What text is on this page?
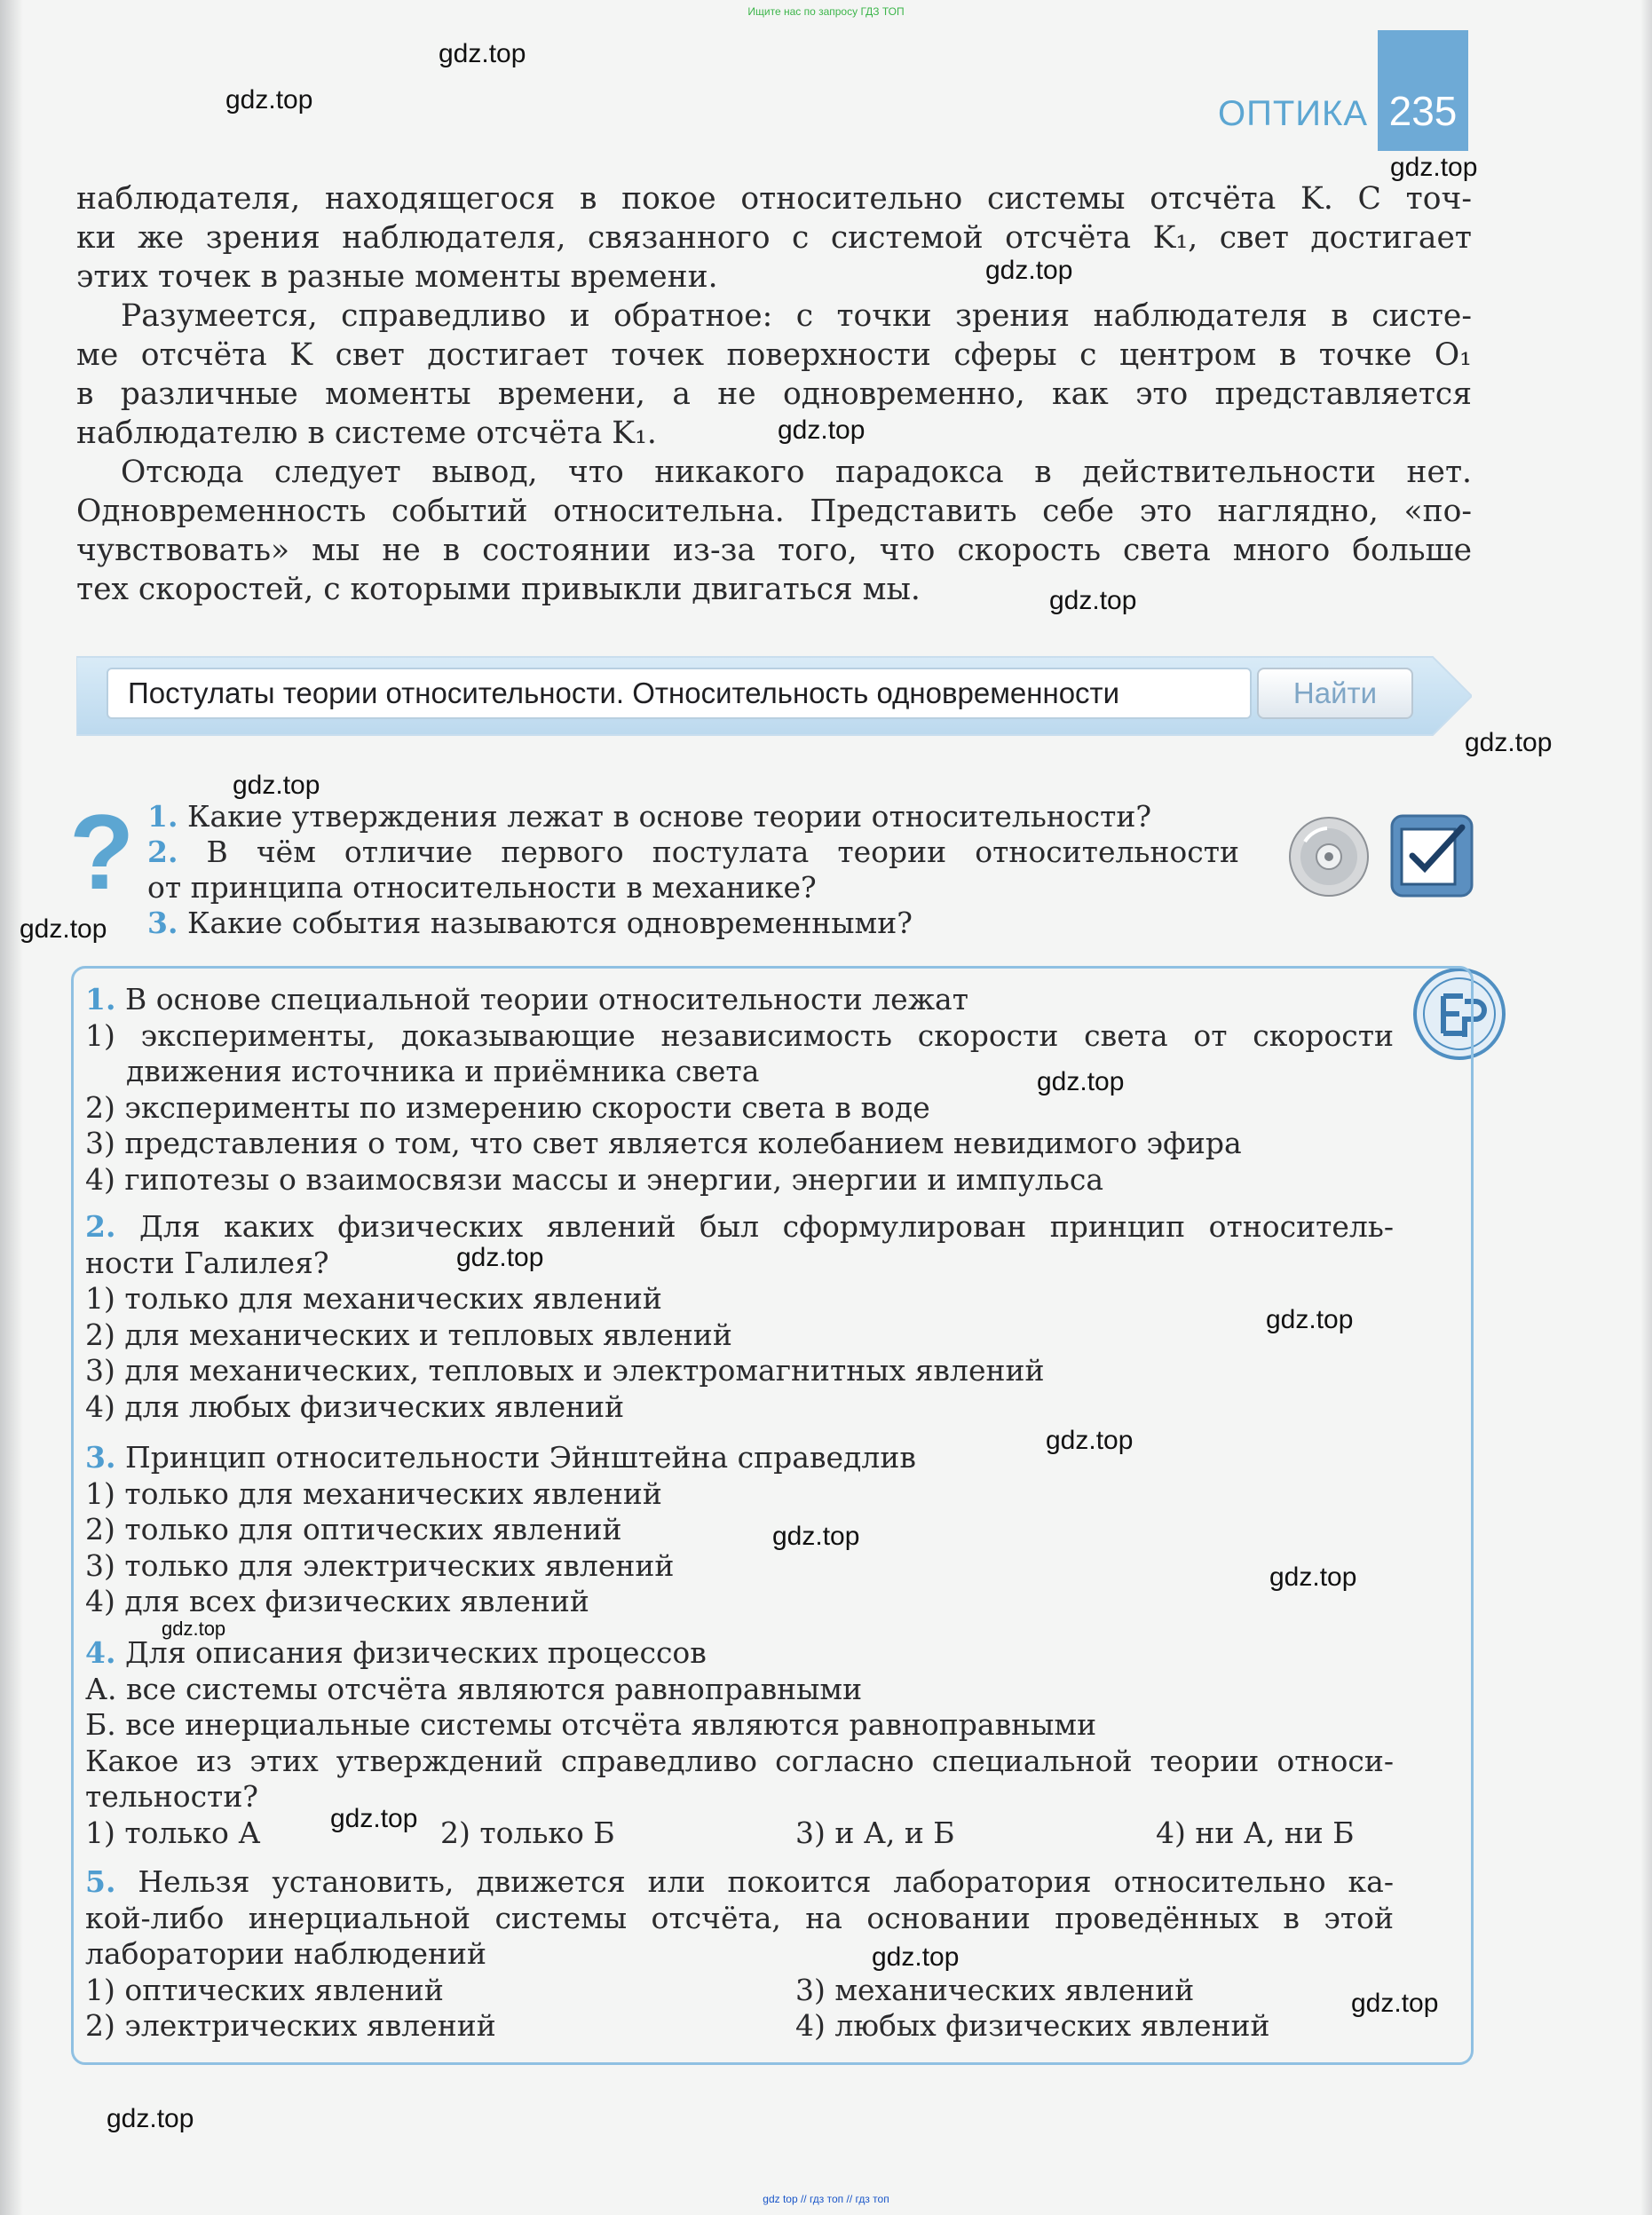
Ищите нас по запросу ГДЗ ТОП
ОПТИКА 235

наблюдателя, находящегося в покое относительно системы отсчёта K. С точ-

ки же зрения наблюдателя, связанного с системой отсчёта K₁, свет достигает

этих точек в разные моменты времени.

Разумеется, справедливо и обратное: с точки зрения наблюдателя в систе-

ме отсчёта K свет достигает точек поверхности сферы с центром в точке O₁

в различные моменты времени, а не одновременно, как это представляется

наблюдателю в системе отсчёта K₁.

Отсюда следует вывод, что никакого парадокса в действительности нет.

Одновременность событий относительна. Представить себе это наглядно, «по-

чувствовать» мы не в состоянии из-за того, что скорость света много больше

тех скоростей, с которыми привыкли двигаться мы.

Постулаты теории относительности. Относительность одновременности	Найти
? 1. Какие утверждения лежат в основе теории относительности?
2. В чём отличие первого постулата теории относительности
от принципа относительности в механике?
3. Какие события называются одновременными?
1. В основе специальной теории относительности лежат
1) эксперименты, доказывающие независимость скорости света от скорости
движения источника и приёмника света
2) эксперименты по измерению скорости света в воде
3) представления о том, что свет является колебанием невидимого эфира
4) гипотезы о взаимосвязи массы и энергии, энергии и импульса
2. Для каких физических явлений был сформулирован принцип относитель-
ности Галилея?
1) только для механических явлений
2) для механических и тепловых явлений
3) для механических, тепловых и электромагнитных явлений
4) для любых физических явлений
3. Принцип относительности Эйнштейна справедлив
1) только для механических явлений
2) только для оптических явлений
3) только для электрических явлений
4) для всех физических явлений
4. Для описания физических процессов
А. все системы отсчёта являются равноправными
Б. все инерциальные системы отсчёта являются равноправными
Какое из этих утверждений справедливо согласно специальной теории относи-
тельности?
1) только А	2) только Б	3) и А, и Б	4) ни А, ни Б
5. Нельзя установить, движется или покоится лаборатория относительно ка-
кой-либо инерциальной системы отсчёта, на основании проведённых в этой
лаборатории наблюдений
1) оптических явлений	3) механических явлений
2) электрических явлений	4) любых физических явлений
gdz.top
gdz.top
gdz.top
gdz.top
gdz.top
gdz.top
gdz.top
gdz.top
gdz.top
gdz.top
gdz.top
gdz.top
gdz.top
gdz.top
gdz.top
gdz.top
gdz.top
gdz.top
gdz.top
gdz.top
gdz top // гдз топ // гдз топ
